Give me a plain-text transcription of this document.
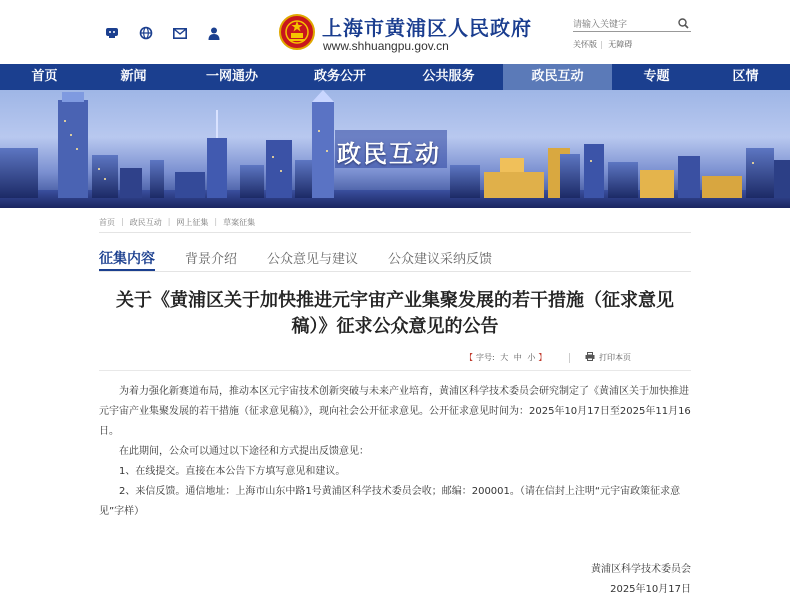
上海市黄浦区人民政府
www.shhuangpu.gov.cn
请输入关键字	关怀版 | 无障碍
首页	新闻	一网通办	政务公开	公共服务	政民互动	专题	区情
政民互动
首页 | 政民互动 | 网上征集 | 草案征集
征集内容 背景介绍 公众意见与建议 公众建议采纳反馈
关于《黄浦区关于加快推进元宇宙产业集聚发展的若干措施（征求意见稿）》征求公众意见的公告
【 字号: 大 中 小 】	打印本页

为着力强化新赛道布局，推动本区元宇宙技术创新突破与未来产业培育，黄浦区科学技术委员会研究制定了《黄浦区关于加快推进元宇宙产业集聚发展的若干措施（征求意见稿）》，现向社会公开征求意见。公开征求意见时间为：2025年10月17日至2025年11月16日。

在此期间，公众可以通过以下途径和方式提出反馈意见：

1、在线提交。直接在本公告下方填写意见和建议。

2、来信反馈。通信地址：上海市山东中路1号黄浦区科学技术委员会收；邮编：200001。（请在信封上注明“元宇宙政策征求意见”字样）

黄浦区科学技术委员会
2025年10月17日
